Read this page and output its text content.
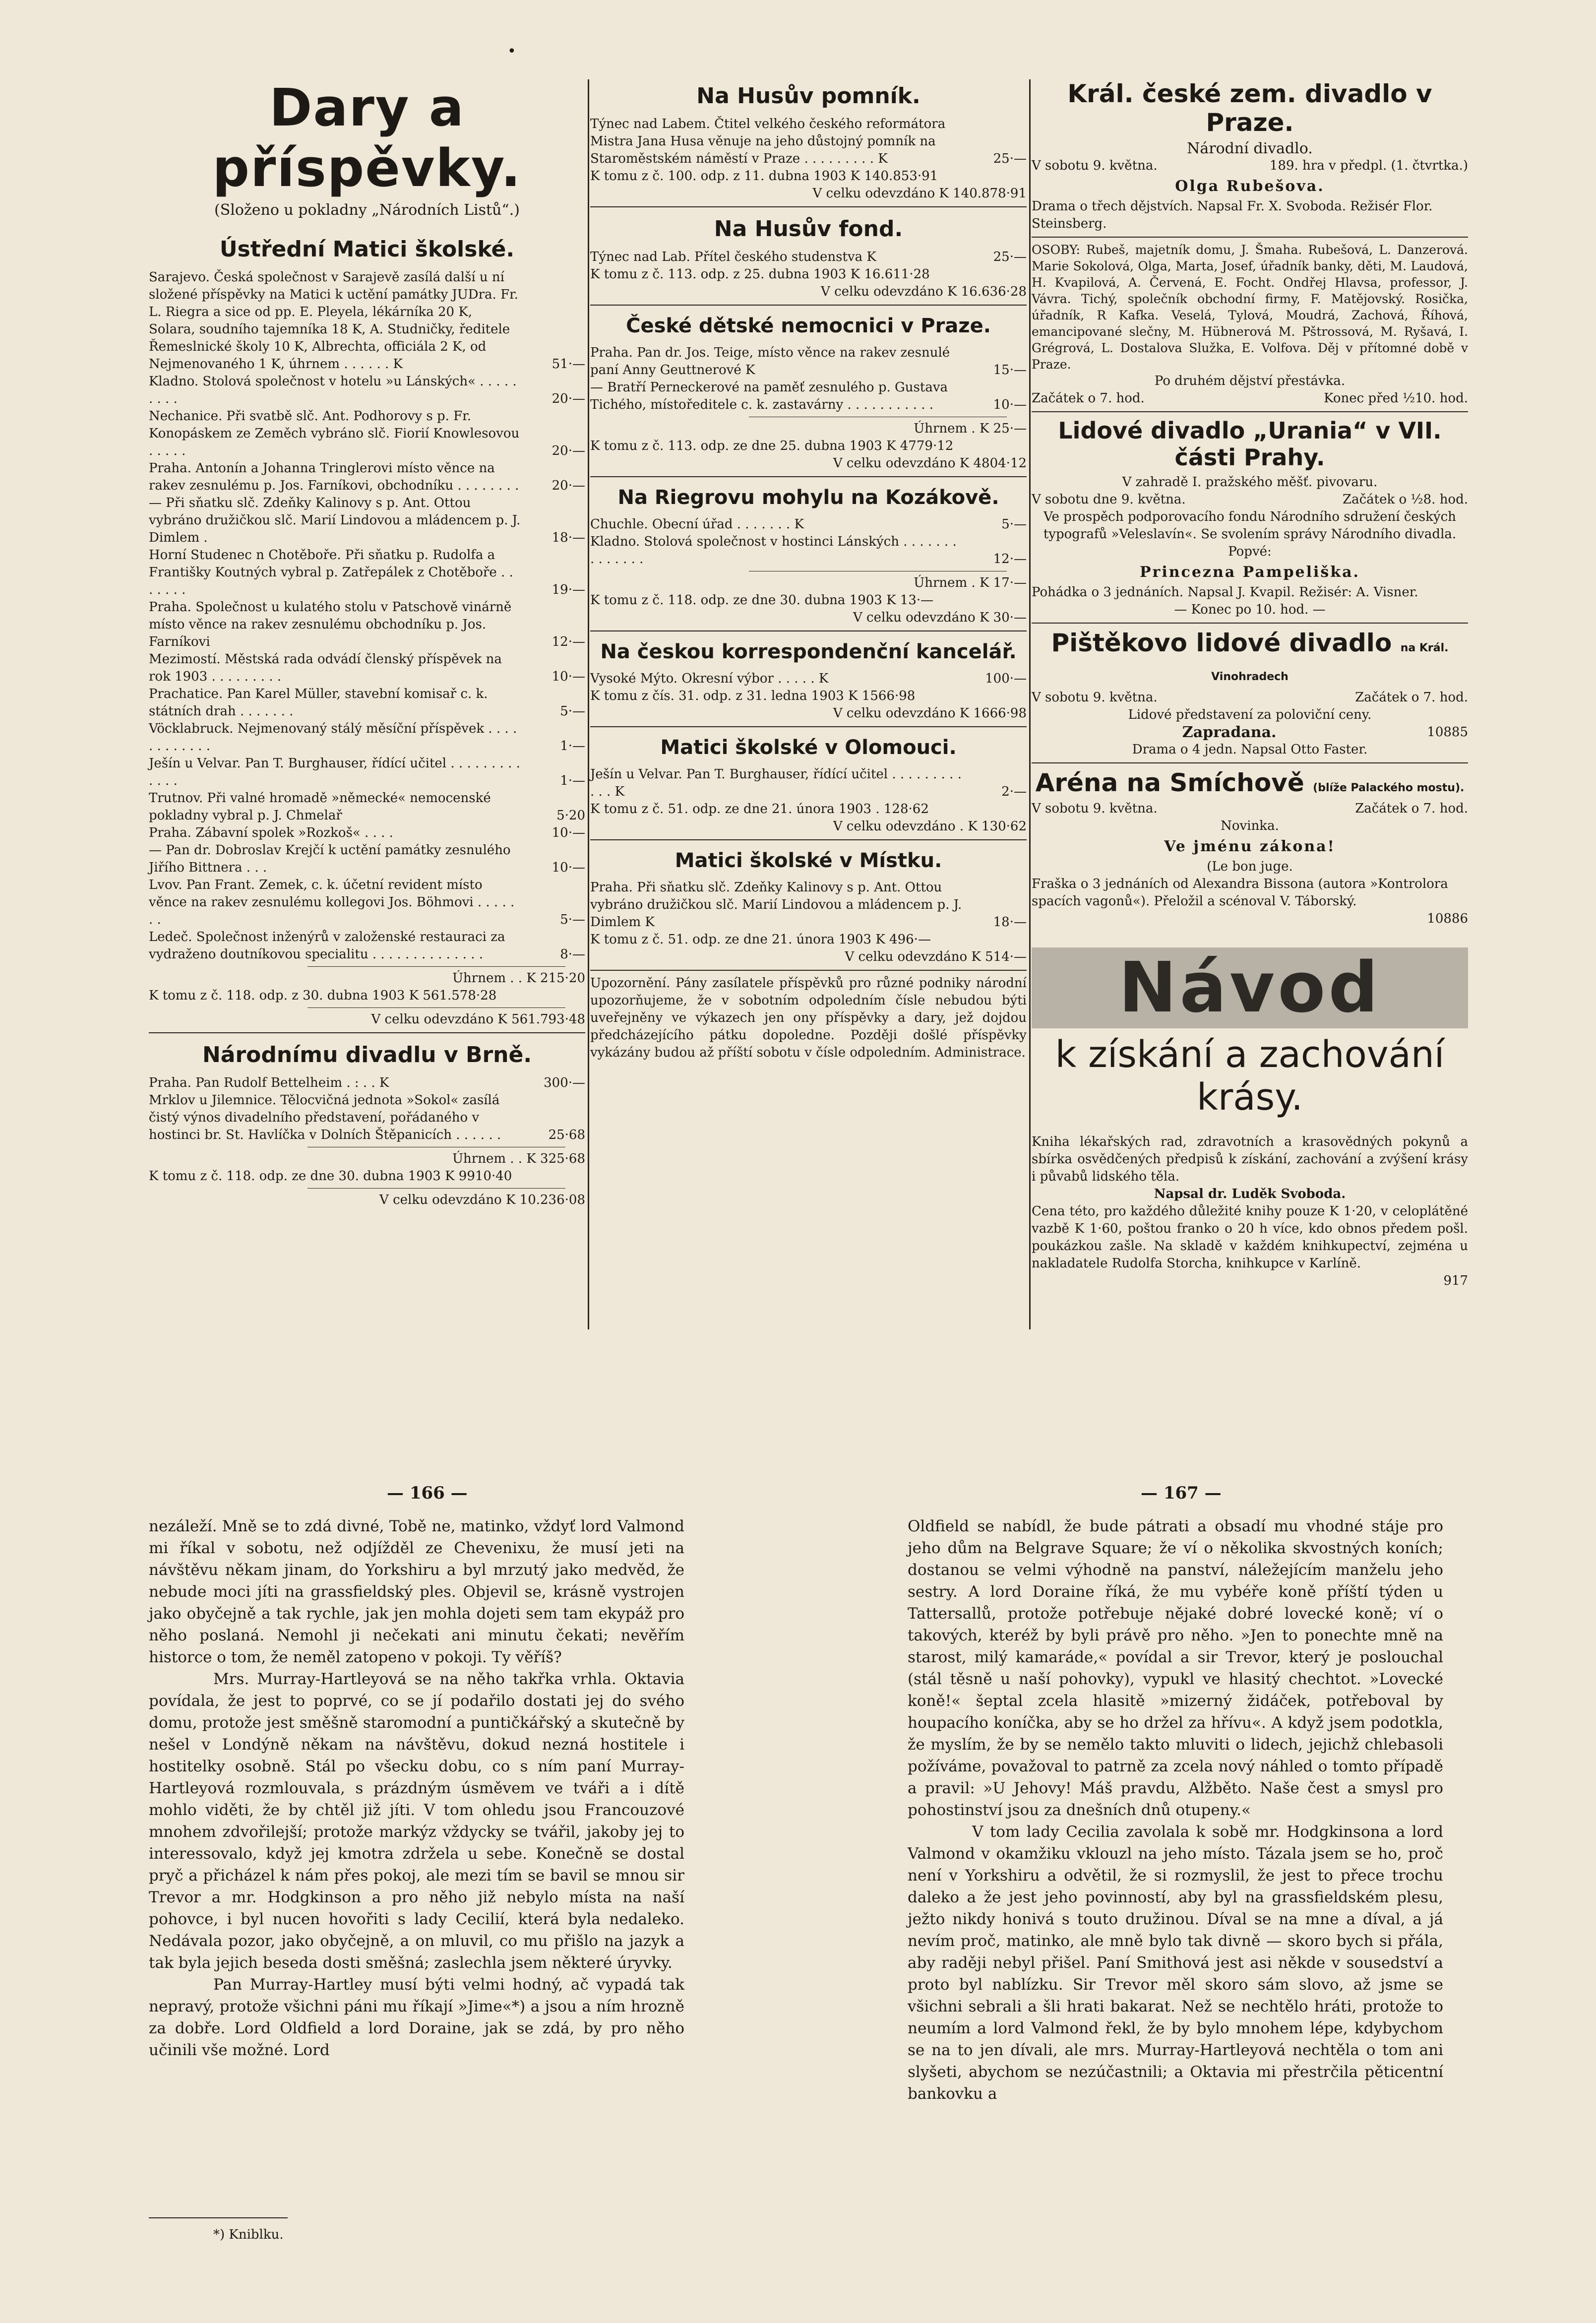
•
Dary a příspěvky.
(Složeno u pokladny „Národních Listů“.)
Ústřední Matici školské.
Sarajevo. Česká společnost v Sarajevě zasílá další u ní složené příspěvky na Matici k uctění památky JUDra. Fr. L. Riegra a sice od pp. E. Pleyela, lékárníka 20 K, Solara, soudního tajemníka 18 K, A. Studničky, ředitele Řemeslnické školy 10 K, Albrechta, officiála 2 K, od Nejmenovaného 1 K, úhrnem . . . . . . K	51·—
Kladno. Stolová společnost v hotelu »u Lánských« . . . . . . . . .	20·—
Nechanice. Při svatbě slč. Ant. Podhorovy s p. Fr. Konopáskem ze Zeměch vybráno slč. Fiorií Knowlesovou . . . . .	20·—
Praha. Antonín a Johanna Tringlerovi místo věnce na rakev zesnulému p. Jos. Farníkovi, obchodníku . . . . . . . .	20·—
— Při sňatku slč. Zdeňky Kalinovy s p. Ant. Ottou vybráno družičkou slč. Marií Lindovou a mládencem p. J. Dimlem .	18·—
Horní Studenec n Chotěboře. Při sňatku p. Rudolfa a Františky Koutných vybral p. Zatřepálek z Chotěboře . . . . . . .	19·—
Praha. Společnost u kulatého stolu v Patschově vinárně místo věnce na rakev zesnulému obchodníku p. Jos. Farníkovi	12·—
Mezimostí. Městská rada odvádí členský příspěvek na rok 1903 . . . . . . . . .	10·—
Prachatice. Pan Karel Müller, stavební komisař c. k. státních drah . . . . . . .	5·—
Vöcklabruck. Nejmenovaný stálý měsíční příspěvek . . . . . . . . . . . .	1·—
Ješín u Velvar. Pan T. Burghauser, řídící učitel . . . . . . . . . . . . .	1·—
Trutnov. Při valné hromadě »německé« nemocenské pokladny vybral p. J. Chmelař	5·20
Praha. Zábavní spolek »Rozkoš« . . . .	10·—
— Pan dr. Dobroslav Krejčí k uctění památky zesnulého Jiřího Bittnera . . .	10·—
Lvov. Pan Frant. Zemek, c. k. účetní revident místo věnce na rakev zesnulému kollegovi Jos. Böhmovi . . . . . . .	5·—
Ledeč. Společnost inženýrů v založenské restauraci za vydraženo doutníkovou specialitu . . . . . . . . . . . . . .	8·—
Úhrnem . . K 215·20
K tomu z č. 118. odp. z 30. dubna 1903 K 561.578·28
V celku odevzdáno K 561.793·48
Národnímu divadlu v Brně.
Praha. Pan Rudolf Bettelheim . : . . K	300·—
Mrklov u Jilemnice. Tělocvičná jednota »Sokol« zasílá čistý výnos divadelního představení, pořádaného v hostinci br. St. Havlíčka v Dolních Štěpanicích . . . . . .	25·68
Úhrnem . . K 325·68
K tomu z č. 118. odp. ze dne 30. dubna 1903 K 9910·40
V celku odevzdáno K 10.236·08
Na Husův pomník.
Týnec nad Labem. Čtitel velkého českého reformátora Mistra Jana Husa věnuje na jeho důstojný pomník na Staroměstském náměstí v Praze . . . . . . . . . K	25·—
K tomu z č. 100. odp. z 11. dubna 1903 K 140.853·91
V celku odevzdáno K 140.878·91
Na Husův fond.
Týnec nad Lab. Přítel českého studenstva K	25·—
K tomu z č. 113. odp. z 25. dubna 1903 K 16.611·28
V celku odevzdáno K 16.636·28
České dětské nemocnici v Praze.
Praha. Pan dr. Jos. Teige, místo věnce na rakev zesnulé paní Anny Geuttnerové K	15·—
— Bratří Perneckerové na paměť zesnulého p. Gustava Tichého, místoředitele c. k. zastavárny . . . . . . . . . . .	10·—
Úhrnem . K 25·—
K tomu z č. 113. odp. ze dne 25. dubna 1903 K 4779·12
V celku odevzdáno K 4804·12
Na Riegrovu mohylu na Kozákově.
Chuchle. Obecní úřad . . . . . . . K	5·—
Kladno. Stolová společnost v hostinci Lánských . . . . . . . . . . . . . .	12·—
Úhrnem . K 17·—
K tomu z č. 118. odp. ze dne 30. dubna 1903 K 13·—
V celku odevzdáno K 30·—
Na českou korrespondenční kancelář.
Vysoké Mýto. Okresní výbor . . . . . K	100·—
K tomu z čís. 31. odp. z 31. ledna 1903 K 1566·98
V celku odevzdáno K 1666·98
Matici školské v Olomouci.
Ješín u Velvar. Pan T. Burghauser, řídící učitel . . . . . . . . . . . . K	2·—
K tomu z č. 51. odp. ze dne 21. února 1903 . 128·62
V celku odevzdáno . K 130·62
Matici školské v Místku.
Praha. Při sňatku slč. Zdeňky Kalinovy s p. Ant. Ottou vybráno družičkou slč. Marií Lindovou a mládencem p. J. Dimlem K	18·—
K tomu z č. 51. odp. ze dne 21. února 1903 K 496·—
V celku odevzdáno K 514·—
Upozornění. Pány zasílatele příspěvků pro různé podniky národní upozorňujeme, že v sobotním odpoledním čísle nebudou býti uveřejněny ve výkazech jen ony příspěvky a dary, jež dojdou předcházejícího pátku dopoledne. Později došlé příspěvky vykázány budou až příští sobotu v čísle odpoledním. Administrace.
Král. české zem. divadlo v Praze.
Národní divadlo.
V sobotu 9. května.	189. hra v předpl. (1. čtvrtka.)
Olga Rubešova.
Drama o třech dějstvích. Napsal Fr. X. Svoboda. Režisér Flor. Steinsberg.
OSOBY: Rubeš, majetník domu, J. Šmaha. Rubešová, L. Danzerová. Marie Sokolová, Olga, Marta, Josef, úřadník banky, děti, M. Laudová, H. Kvapilová, A. Červená, E. Focht. Ondřej Hlavsa, professor, J. Vávra. Tichý, společník obchodní firmy, F. Matějovský. Rosička, úřadník, R Kafka. Veselá, Tylová, Moudrá, Zachová, Říhová, emancipované slečny, M. Hübnerová M. Pštrossová, M. Ryšavá, I. Grégrová, L. Dostalova Služka, E. Volfova. Děj v přítomné době v Praze.
Po druhém dějství přestávka.
Začátek o 7. hod.	Konec před ½10. hod.
Lidové divadlo „Urania“ v VII. části Prahy.
V zahradě I. pražského měšť. pivovaru.
V sobotu dne 9. května.	Začátek o ½8. hod.
Ve prospěch podporovacího fondu Národního sdružení českých typografů »Veleslavín«. Se svolením správy Národního divadla.
Popvé:
Princezna Pampeliška.
Pohádka o 3 jednáních. Napsal J. Kvapil. Režisér: A. Visner.
— Konec po 10. hod. —
Pištěkovo lidové divadlo na Král. Vinohradech
V sobotu 9. května.	Začátek o 7. hod.
Lidové představení za poloviční ceny.
Zapradana.	10885
Drama o 4 jedn. Napsal Otto Faster.
Aréna na Smíchově (blíže Palackého mostu).
V sobotu 9. května.	Začátek o 7. hod.
Novinka.
Ve jménu zákona!
(Le bon juge.
Fraška o 3 jednáních od Alexandra Bissona (autora »Kontrolora spacích vagonů«). Přeložil a scénoval V. Táborský.
10886
Návod
k získání a zachování krásy.
Kniha lékařských rad, zdravotních a krasovědných pokynů a sbírka osvědčených předpisů k získání, zachování a zvýšení krásy i půvabů lidského těla.
Napsal dr. Luděk Svoboda.
Cena této, pro každého důležité knihy pouze K 1·20, v celoplátěné vazbě K 1·60, poštou franko o 20 h více, kdo obnos předem pošl. poukázkou zašle. Na skladě v každém knihkupectví, zejména u nakladatele Rudolfa Storcha, knihkupce v Karlíně.
917
— 166 —	— 167 —

nezáleží. Mně se to zdá divné, Tobě ne, matinko, vždyť lord Valmond mi říkal v sobotu, než odjížděl ze Chevenixu, že musí jeti na návštěvu někam jinam, do Yorkshiru a byl mrzutý jako medvěd, že nebude moci jíti na grassfieldský ples. Objevil se, krásně vystrojen jako obyčejně a tak rychle, jak jen mohla dojeti sem tam ekypáž pro něho poslaná. Nemohl ji nečekati ani minutu čekati; nevěřím historce o tom, že neměl zatopeno v pokoji. Ty věříš?

Mrs. Murray-Hartleyová se na něho takřka vrhla. Oktavia povídala, že jest to poprvé, co se jí podařilo dostati jej do svého domu, protože jest směšně staromodní a puntičkářský a skutečně by nešel v Londýně někam na návštěvu, dokud nezná hostitele i hostitelky osobně. Stál po všecku dobu, co s ním paní Murray-Hartleyová rozmlouvala, s prázdným úsměvem ve tváři a i dítě mohlo viděti, že by chtěl již jíti. V tom ohledu jsou Francouzové mnohem zdvořilejší; protože markýz vždycky se tvářil, jakoby jej to interessovalo, když jej kmotra zdržela u sebe. Konečně se dostal pryč a přicházel k nám přes pokoj, ale mezi tím se bavil se mnou sir Trevor a mr. Hodgkinson a pro něho již nebylo místa na naší pohovce, i byl nucen hovořiti s lady Cecilií, která byla nedaleko. Nedávala pozor, jako obyčejně, a on mluvil, co mu přišlo na jazyk a tak byla jejich beseda dosti směšná; zaslechla jsem některé úryvky.

Pan Murray-Hartley musí býti velmi hodný, ač vypadá tak nepravý, protože všichni páni mu říkají »Jime«*) a jsou a ním hrozně za dobře. Lord Oldfield a lord Doraine, jak se zdá, by pro něho učinili vše možné. Lord

Oldfield se nabídl, že bude pátrati a obsadí mu vhodné stáje pro jeho dům na Belgrave Square; že ví o několika skvostných koních; dostanou se velmi výhodně na panství, náležejícím manželu jeho sestry. A lord Doraine říká, že mu vybéře koně příští týden u Tattersallů, protože potřebuje nějaké dobré lovecké koně; ví o takových, kteréž by byli právě pro něho. »Jen to ponechte mně na starost, milý kamaráde,« povídal a sir Trevor, který je poslouchal (stál těsně u naší pohovky), vypukl ve hlasitý chechtot. »Lovecké koně!« šeptal zcela hlasitě »mizerný židáček, potřeboval by houpacího koníčka, aby se ho držel za hřívu«. A když jsem podotkla, že myslím, že by se nemělo takto mluviti o lidech, jejichž chlebasoli požíváme, považoval to patrně za zcela nový náhled o tomto případě a pravil: »U Jehovy! Máš pravdu, Alžběto. Naše čest a smysl pro pohostinství jsou za dnešních dnů otupeny.«

V tom lady Cecilia zavolala k sobě mr. Hodgkinsona a lord Valmond v okamžiku vklouzl na jeho místo. Tázala jsem se ho, proč není v Yorkshiru a odvětil, že si rozmyslil, že jest to přece trochu daleko a že jest jeho povinností, aby byl na grassfieldském plesu, ježto nikdy honivá s touto družinou. Díval se na mne a díval, a já nevím proč, matinko, ale mně bylo tak divně — skoro bych si přála, aby raději nebyl přišel. Paní Smithová jest asi někde v sousedství a proto byl nablízku. Sir Trevor měl skoro sám slovo, až jsme se všichni sebrali a šli hrati bakarat. Než se nechtělo hráti, protože to neumím a lord Valmond řekl, že by bylo mnohem lépe, kdybychom se na to jen dívali, ale mrs. Murray-Hartleyová nechtěla o tom ani slyšeti, abychom se nezúčastnili; a Oktavia mi přestrčila pěticentní bankovku a

*) Kniblku.
